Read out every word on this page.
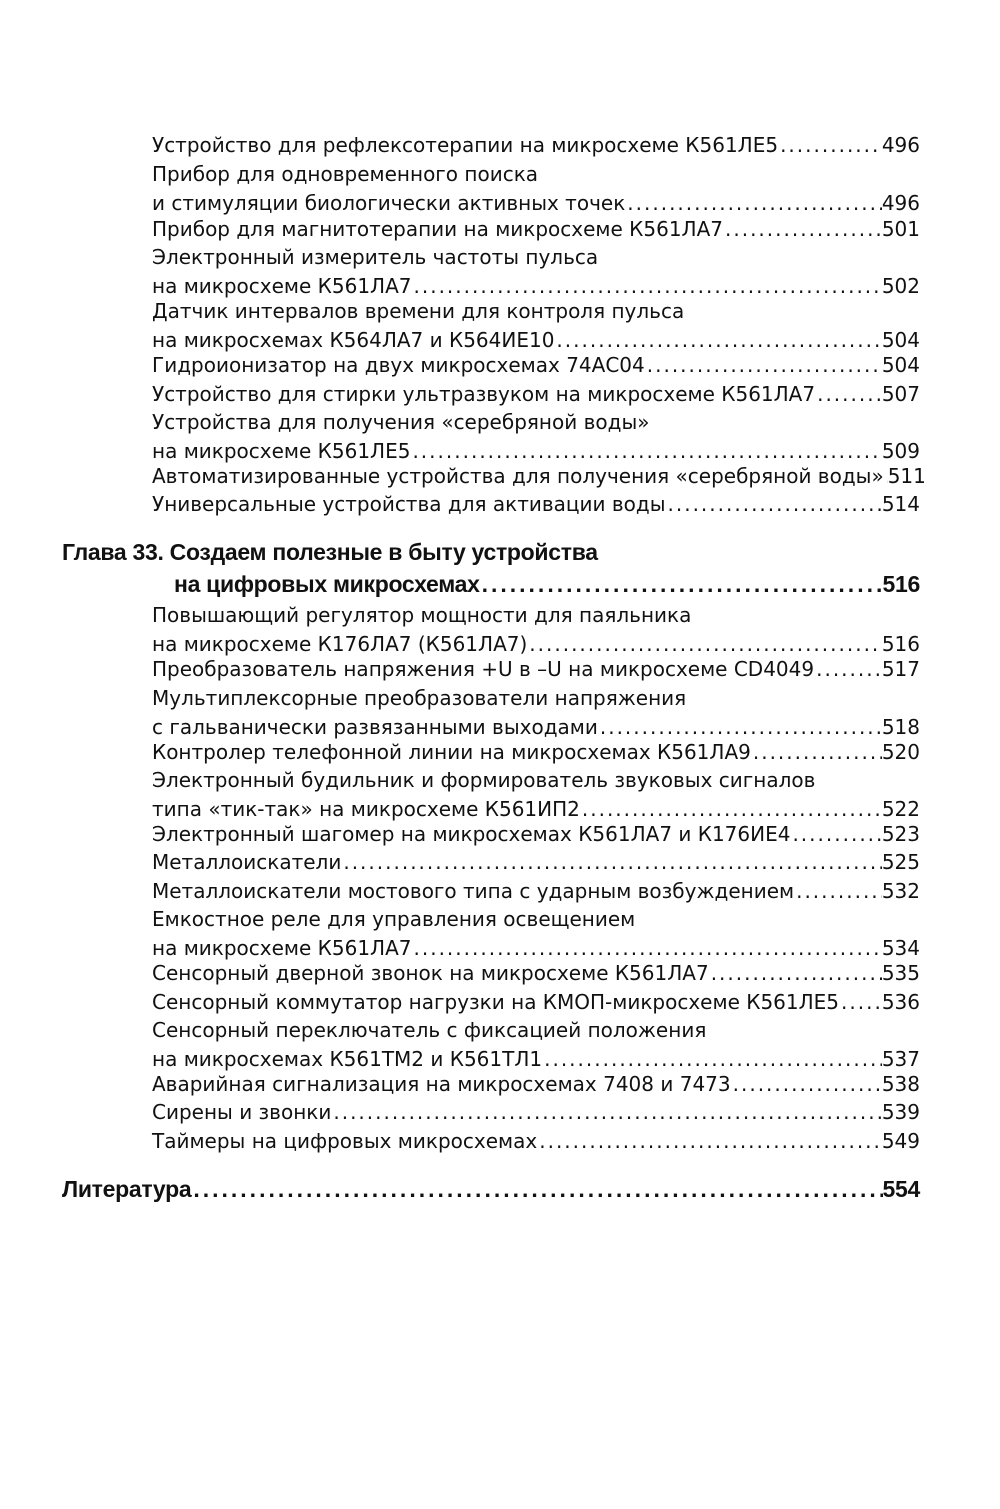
Устройство для рефлексотерапии на микросхеме К561ЛЕ5 .....	496
Прибор для одновременного поиска
и стимуляции биологически активных точек .....	496
Прибор для магнитотерапии на микросхеме К561ЛА7 .....	501
Электронный измеритель частоты пульса
на микросхеме К561ЛА7 .....	502
Датчик интервалов времени для контроля пульса
на микросхемах К564ЛА7 и К564ИЕ10 .....	504
Гидроионизатор на двух микросхемах 74АС04 .....	504
Устройство для стирки ультразвуком на микросхеме К561ЛА7 .....	507
Устройства для получения «серебряной воды»
на микросхеме К561ЛЕ5 .....	509
Автоматизированные устройства для получения «серебряной воды» ..... 511
Универсальные устройства для активации воды .....	514
Глава 33. Создаем полезные в быту устройства
на цифровых микросхемах .....	516
Повышающий регулятор мощности для паяльника
на микросхеме К176ЛА7 (К561ЛА7) .....	516
Преобразователь напряжения +U в –U на микросхеме CD4049 .....	517
Мультиплексорные преобразователи напряжения
с гальванически развязанными выходами .....	518
Контролер телефонной линии на микросхемах К561ЛА9 .....	520
Электронный будильник и формирователь звуковых сигналов
типа «тик-так» на микросхеме К561ИП2 .....	522
Электронный шагомер на микросхемах К561ЛА7 и К176ИЕ4 .....	523
Металлоискатели .....	525
Металлоискатели мостового типа с ударным возбуждением .....	532
Емкостное реле для управления освещением
на микросхеме К561ЛА7 .....	534
Сенсорный дверной звонок на микросхеме К561ЛА7 .....	535
Сенсорный коммутатор нагрузки на КМОП-микросхеме К561ЛЕ5 ..... 536
Сенсорный переключатель с фиксацией положения
на микросхемах К561ТМ2 и К561ТЛ1 .....	537
Аварийная сигнализация на микросхемах 7408 и 7473 .....	538
Сирены и звонки .....	539
Таймеры на цифровых микросхемах .....	549
Литература .....	554
